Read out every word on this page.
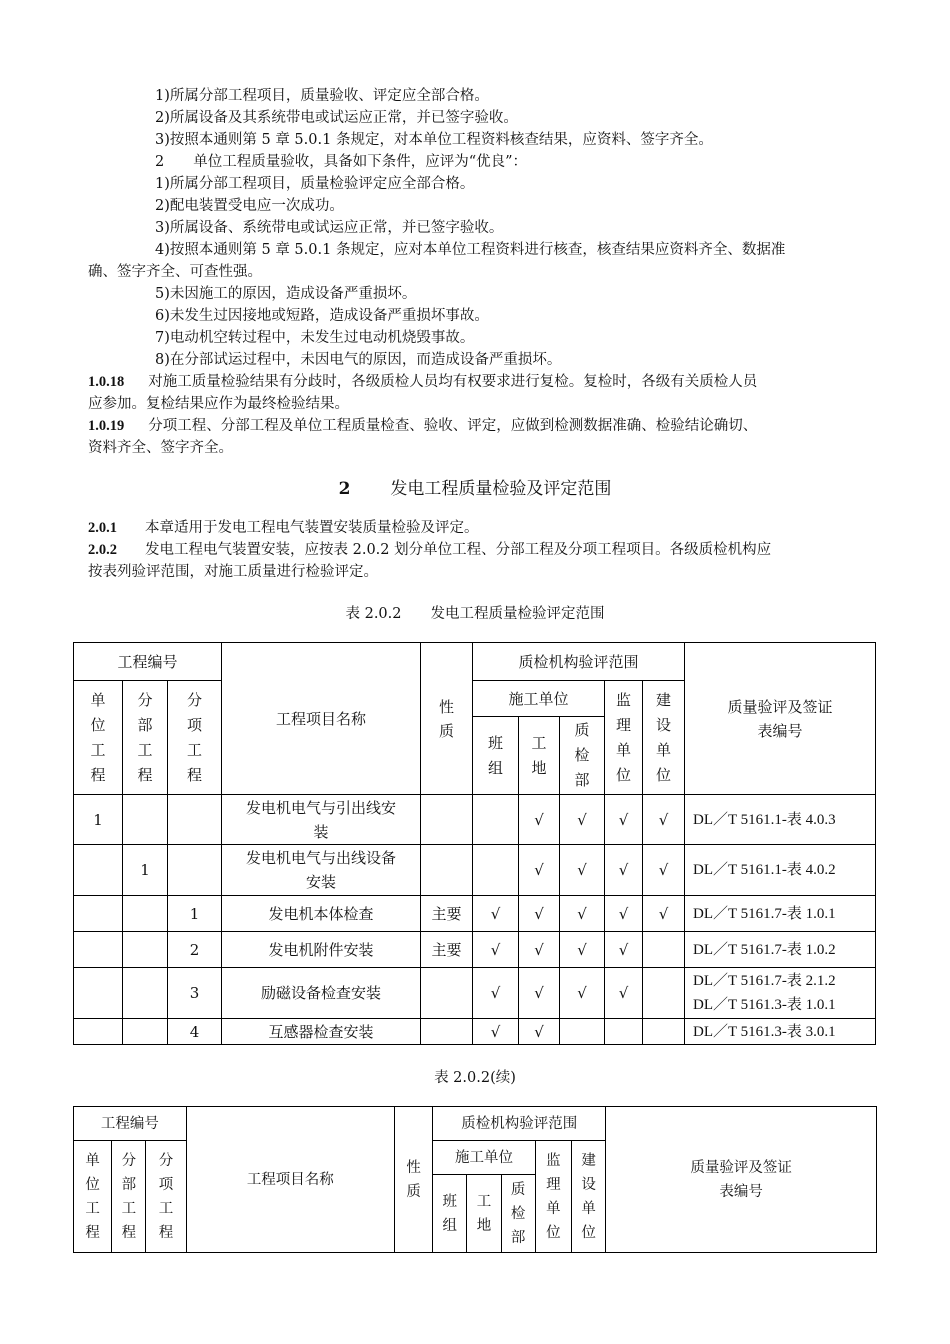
1)所属分部工程项目，质量验收、评定应全部合格。
2)所属设备及其系统带电或试运应正常，并已签字验收。
3)按照本通则第 5 章 5.0.1 条规定，对本单位工程资料核查结果，应资料、签字齐全。
2　　单位工程质量验收，具备如下条件，应评为“优良”：
1)所属分部工程项目，质量检验评定应全部合格。
2)配电装置受电应一次成功。
3)所属设备、系统带电或试运应正常，并已签字验收。
4)按照本通则第 5 章 5.0.1 条规定，应对本单位工程资料进行核查，核查结果应资料齐全、数据准
确、签字齐全、可查性强。
5)未因施工的原因，造成设备严重损坏。
6)未发生过因接地或短路，造成设备严重损坏事故。
7)电动机空转过程中，未发生过电动机烧毁事故。
8)在分部试运过程中，未因电气的原因，而造成设备严重损坏。
1.0.18 对施工质量检验结果有分歧时，各级质检人员均有权要求进行复检。复检时，各级有关质检人员
应参加。复检结果应作为最终检验结果。
1.0.19 分项工程、分部工程及单位工程质量检查、验收、评定，应做到检测数据准确、检验结论确切、
资料齐全、签字齐全。
2 发电工程质量检验及评定范围
2.0.1 本章适用于发电工程电气装置安装质量检验及评定。
2.0.2 发电工程电气装置安装，应按表 2.0.2 划分单位工程、分部工程及分项工程项目。各级质检机构应
按表列验评范围，对施工质量进行检验评定。
表 2.0.2　　发电工程质量检验评定范围
工程编号			工程项目名称	性质	质检机构验评范围					质量验评及签证
表编号

单位工程	分部工程	分项工程			施工单位			监理单位	建设单位	
					班组	工地	质检部			
1			发电机电气与引出线安
装			√	√	√	√	DL／T 5161.1-表 4.0.3
	1		发电机电气与出线设备
安装			√	√	√	√	DL／T 5161.1-表 4.0.2
		1	发电机本体检查	主要	√	√	√	√	√	DL／T 5161.7-表 1.0.1
		2	发电机附件安装	主要	√	√	√	√		DL／T 5161.7-表 1.0.2
		3	励磁设备检查安装		√	√	√	√		DL／T 5161.7-表 2.1.2
DL／T 5161.3-表 1.0.1

		4	互感器检查安装		√	√				DL／T 5161.3-表 3.0.1
表 2.0.2(续)
工程编号			工程项目名称	性质	质检机构验评范围					质量验评及签证
表编号

单位工程	分部工程	分项工程			施工单位			监理单位	建设单位	
					班组	工地	质检部			
